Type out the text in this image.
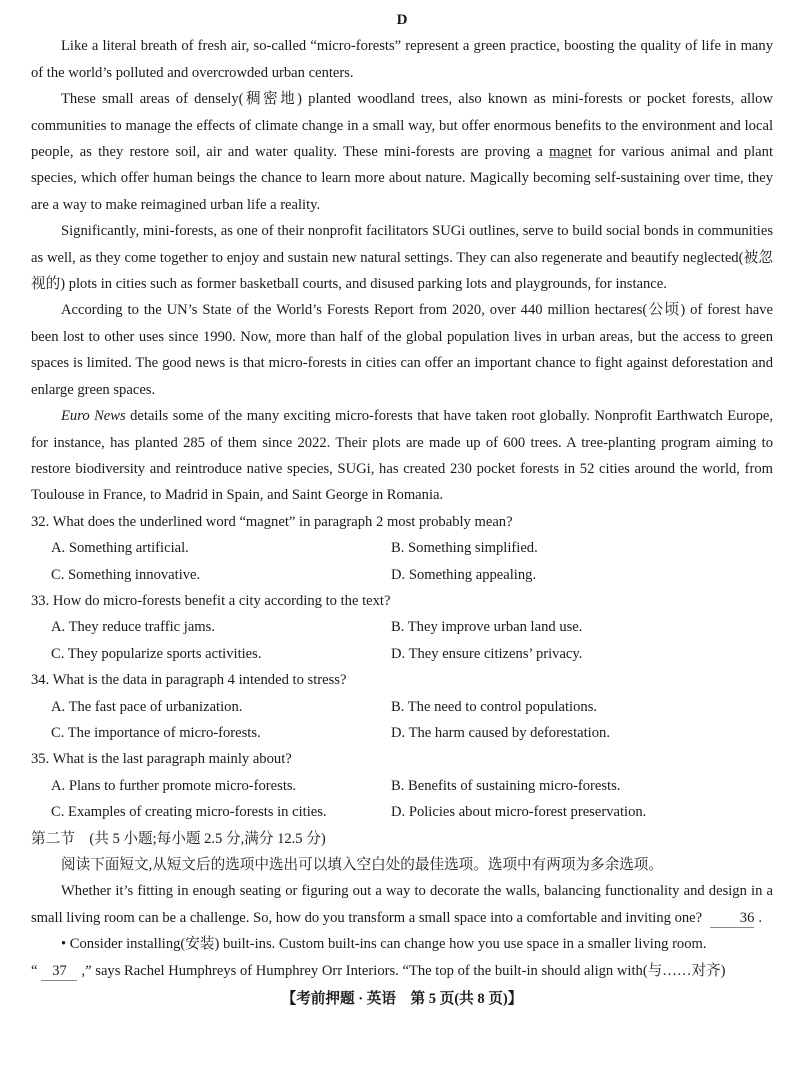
D

Like a literal breath of fresh air, so-called “micro-forests” represent a green practice, boosting the quality of life in many of the world’s polluted and overcrowded urban centers.

These small areas of densely(稠密地) planted woodland trees, also known as mini-forests or pocket forests, allow communities to manage the effects of climate change in a small way, but offer enormous benefits to the environment and local people, as they restore soil, air and water quality. These mini-forests are proving a magnet for various animal and plant species, which offer human beings the chance to learn more about nature. Magically becoming self-sustaining over time, they are a way to make reimagined urban life a reality.

Significantly, mini-forests, as one of their nonprofit facilitators SUGi outlines, serve to build social bonds in communities as well, as they come together to enjoy and sustain new natural settings. They can also regenerate and beautify neglected(被忽视的) plots in cities such as former basketball courts, and disused parking lots and playgrounds, for instance.

According to the UN’s State of the World’s Forests Report from 2020, over 440 million hectares(公顷) of forest have been lost to other uses since 1990. Now, more than half of the global population lives in urban areas, but the access to green spaces is limited. The good news is that micro-forests in cities can offer an important chance to fight against deforestation and enlarge green spaces.

Euro News details some of the many exciting micro-forests that have taken root globally. Nonprofit Earthwatch Europe, for instance, has planted 285 of them since 2022. Their plots are made up of 600 trees. A tree-planting program aiming to restore biodiversity and reintroduce native species, SUGi, has created 230 pocket forests in 52 cities around the world, from Toulouse in France, to Madrid in Spain, and Saint George in Romania.

32. What does the underlined word “magnet” in paragraph 2 most probably mean?
A. Something artificial.	B. Something simplified.
C. Something innovative.	D. Something appealing.
33. How do micro-forests benefit a city according to the text?
A. They reduce traffic jams.	B. They improve urban land use.
C. They popularize sports activities.	D. They ensure citizens’ privacy.
34. What is the data in paragraph 4 intended to stress?
A. The fast pace of urbanization.	B. The need to control populations.
C. The importance of micro-forests.	D. The harm caused by deforestation.
35. What is the last paragraph mainly about?
A. Plans to further promote micro-forests.	B. Benefits of sustaining micro-forests.
C. Examples of creating micro-forests in cities.	D. Policies about micro-forest preservation.
第二节　(共 5 小题;每小题 2.5 分,满分 12.5 分)

阅读下面短文,从短文后的选项中选出可以填入空白处的最佳选项。选项中有两项为多余选项。

Whether it’s fitting in enough seating or figuring out a way to decorate the walls, balancing functionality and design in a small living room can be a challenge. So, how do you transform a small space into a comfortable and inviting one?	36 .

• Consider installing(安装) built-ins. Custom built-ins can change how you use space in a smaller living room.

“ 37 ,” says Rachel Humphreys of Humphrey Orr Interiors. “The top of the built-in should align with(与……对齐)

【考前押题 · 英语　第 5 页(共 8 页)】
